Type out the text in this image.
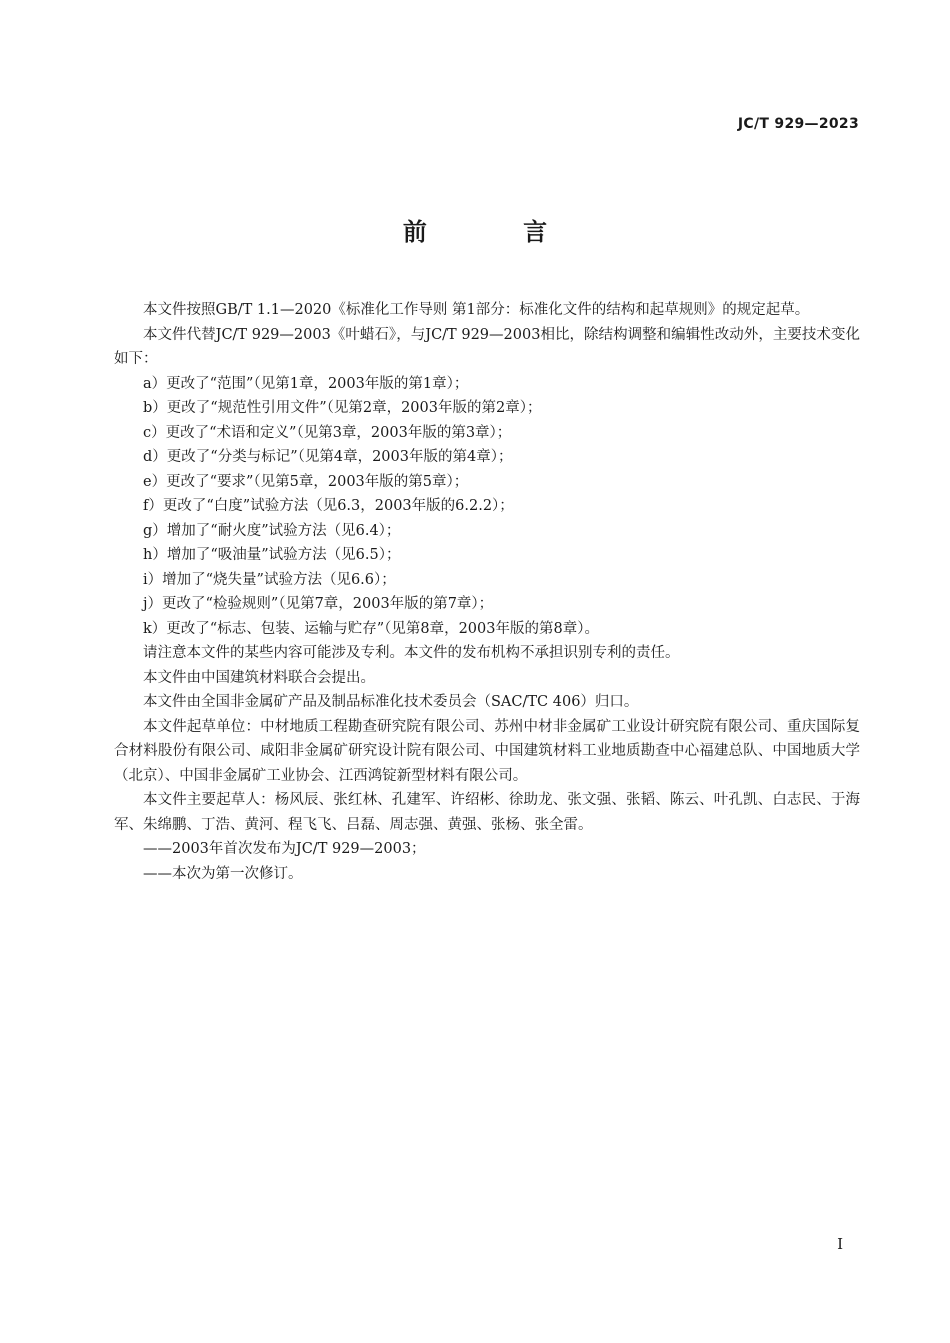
JC/T 929—2023
前 言

本文件按照GB/T 1.1—2020《标准化工作导则 第1部分：标准化文件的结构和起草规则》的规定起草。

本文件代替JC/T 929—2003《叶蜡石》，与JC/T 929—2003相比，除结构调整和编辑性改动外，主要技术变化如下：

a）更改了“范围”（见第1章，2003年版的第1章）；

b）更改了“规范性引用文件”（见第2章，2003年版的第2章）；

c）更改了“术语和定义”（见第3章，2003年版的第3章）；

d）更改了“分类与标记”（见第4章，2003年版的第4章）；

e）更改了“要求”（见第5章，2003年版的第5章）；

f）更改了“白度”试验方法（见6.3，2003年版的6.2.2）；

g）增加了“耐火度”试验方法（见6.4）；

h）增加了“吸油量”试验方法（见6.5）；

i）增加了“烧失量”试验方法（见6.6）；

j）更改了“检验规则”（见第7章，2003年版的第7章）；

k）更改了“标志、包装、运输与贮存”（见第8章，2003年版的第8章）。

请注意本文件的某些内容可能涉及专利。本文件的发布机构不承担识别专利的责任。

本文件由中国建筑材料联合会提出。

本文件由全国非金属矿产品及制品标准化技术委员会（SAC/TC 406）归口。

本文件起草单位：中材地质工程勘查研究院有限公司、苏州中材非金属矿工业设计研究院有限公司、重庆国际复合材料股份有限公司、咸阳非金属矿研究设计院有限公司、中国建筑材料工业地质勘查中心福建总队、中国地质大学（北京）、中国非金属矿工业协会、江西鸿锭新型材料有限公司。

本文件主要起草人：杨风辰、张红林、孔建军、许绍彬、徐助龙、张文强、张韬、陈云、叶孔凯、白志民、于海军、朱绵鹏、丁浩、黄河、程飞飞、吕磊、周志强、黄强、张杨、张全雷。

——2003年首次发布为JC/T 929—2003；

——本次为第一次修订。

I
